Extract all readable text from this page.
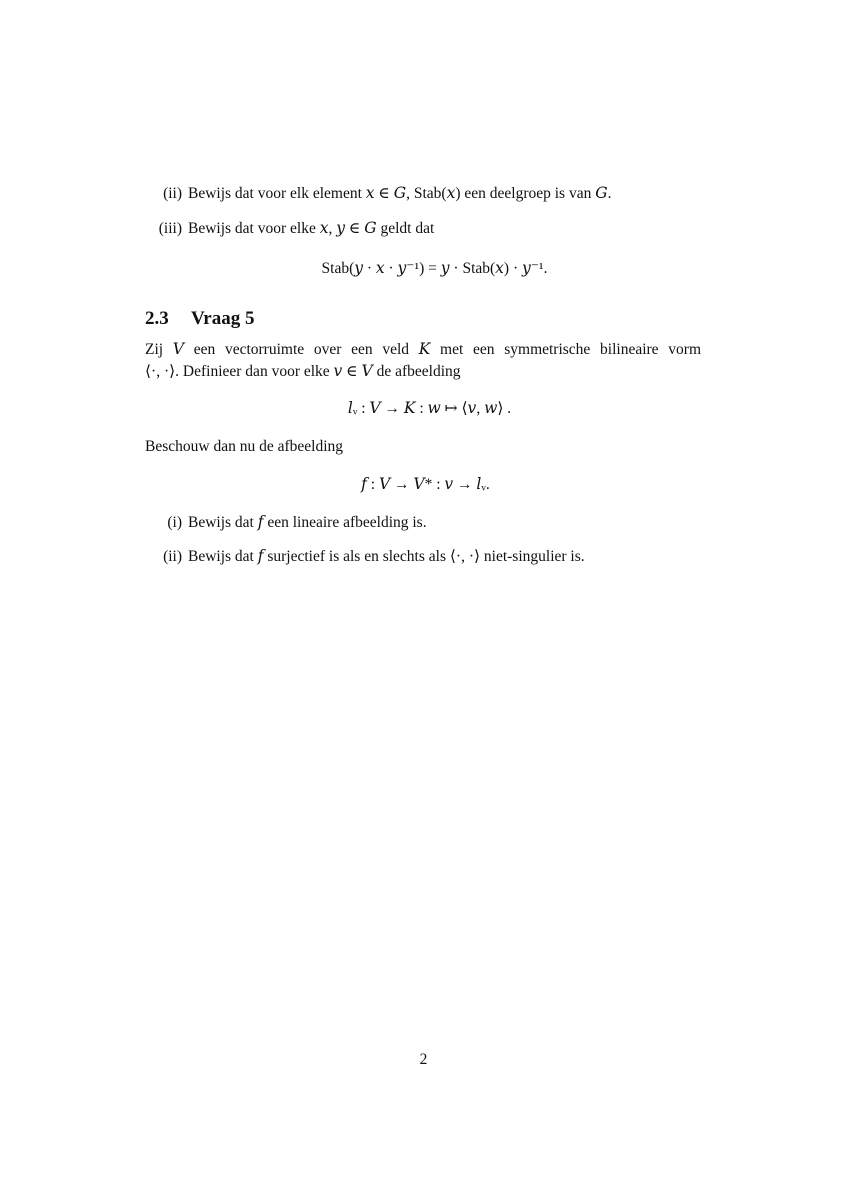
(ii) Bewijs dat voor elk element 𝑥 ∈ 𝐺, Stab(𝑥) een deelgroep is van 𝐺.
(iii) Bewijs dat voor elke 𝑥, 𝑦 ∈ 𝐺 geldt dat
Stab(𝑦 · 𝑥 · 𝑦⁻¹) = 𝑦 · Stab(𝑥) · 𝑦⁻¹.
2.3 Vraag 5
Zij 𝑉 een vectorruimte over een veld 𝐾 met een symmetrische bilineaire vorm
⟨·, ·⟩. Definieer dan voor elke 𝑣 ∈ 𝑉 de afbeelding
𝑙ᵥ : 𝑉 → 𝐾 : 𝑤 ↦ ⟨𝑣, 𝑤⟩ .
Beschouw dan nu de afbeelding
𝑓 : 𝑉 → 𝑉* : 𝑣 → 𝑙ᵥ.
(i) Bewijs dat 𝑓 een lineaire afbeelding is.
(ii) Bewijs dat 𝑓 surjectief is als en slechts als ⟨·, ·⟩ niet-singulier is.
2
